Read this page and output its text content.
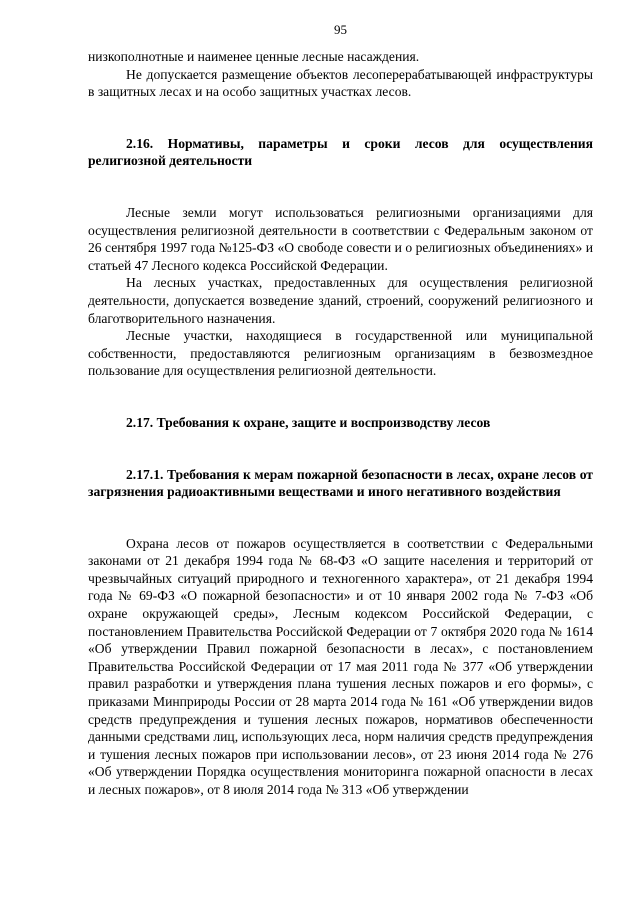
95

низкополнотные и наименее ценные лесные насаждения.

Не допускается размещение объектов лесоперерабатывающей инфраструктуры в защитных лесах и на особо защитных участках лесов.

2.16. Нормативы, параметры и сроки лесов для осуществления религиозной деятельности

Лесные земли могут использоваться религиозными организациями для осуществления религиозной деятельности в соответствии с Федеральным законом от 26 сентября 1997 года №125-ФЗ «О свободе совести и о религиозных объединениях» и статьей 47 Лесного кодекса Российской Федерации.

На лесных участках, предоставленных для осуществления религиозной деятельности, допускается возведение зданий, строений, сооружений религиозного и благотворительного назначения.

Лесные участки, находящиеся в государственной или муниципальной собственности, предоставляются религиозным организациям в безвозмездное пользование для осуществления религиозной деятельности.

2.17. Требования к охране, защите и воспроизводству лесов
2.17.1. Требования к мерам пожарной безопасности в лесах, охране лесов от загрязнения радиоактивными веществами и иного негативного воздействия

Охрана лесов от пожаров осуществляется в соответствии с Федеральными законами от 21 декабря 1994 года № 68-ФЗ «О защите населения и территорий от чрезвычайных ситуаций природного и техногенного характера», от 21 декабря 1994 года № 69-ФЗ «О пожарной безопасности» и от 10 января 2002 года № 7-ФЗ «Об охране окружающей среды», Лесным кодексом Российской Федерации, с постановлением Правительства Российской Федерации от 7 октября 2020 года № 1614 «Об утверждении Правил пожарной безопасности в лесах», с постановлением Правительства Российской Федерации от 17 мая 2011 года № 377 «Об утверждении правил разработки и утверждения плана тушения лесных пожаров и его формы», с приказами Минприроды России от 28 марта 2014 года № 161 «Об утверждении видов средств предупреждения и тушения лесных пожаров, нормативов обеспеченности данными средствами лиц, использующих леса, норм наличия средств предупреждения и тушения лесных пожаров при использовании лесов», от 23 июня 2014 года № 276 «Об утверждении Порядка осуществления мониторинга пожарной опасности в лесах и лесных пожаров», от 8 июля 2014 года № 313 «Об утверждении
